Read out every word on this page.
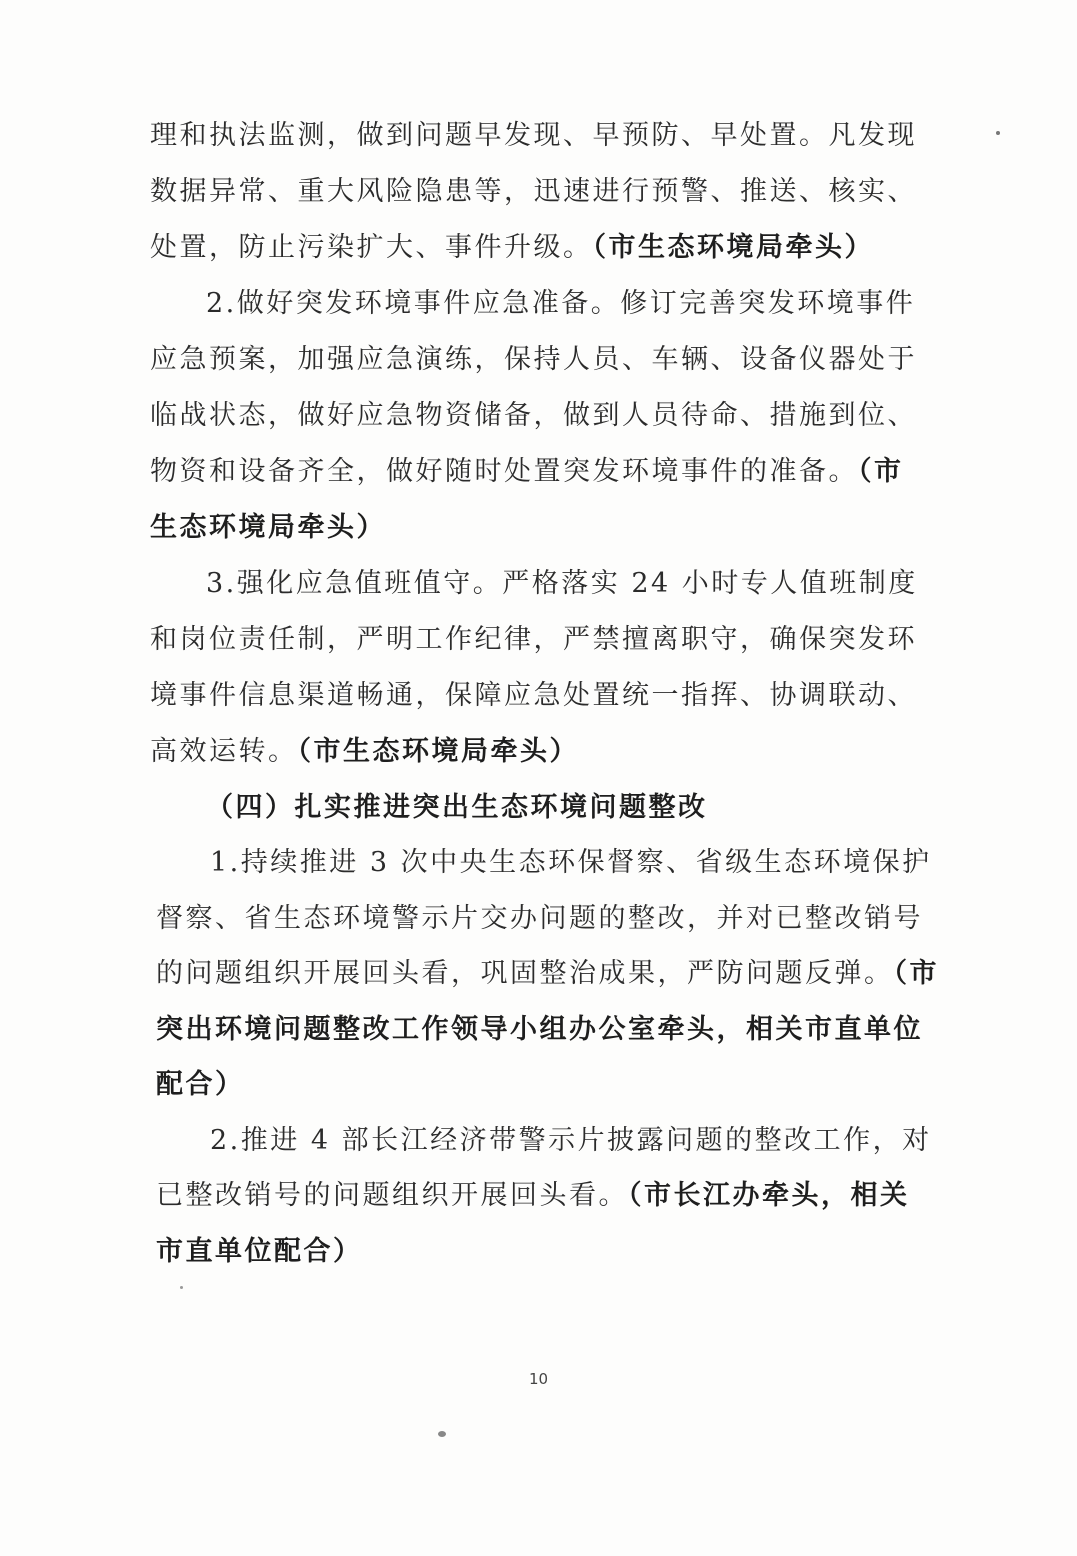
理和执法监测，做到问题早发现、早预防、早处置。凡发现
数据异常、重大风险隐患等，迅速进行预警、推送、核实、
处置，防止污染扩大、事件升级。（市生态环境局牵头）
2.做好突发环境事件应急准备。修订完善突发环境事件
应急预案，加强应急演练，保持人员、车辆、设备仪器处于
临战状态，做好应急物资储备，做到人员待命、措施到位、
物资和设备齐全，做好随时处置突发环境事件的准备。（市
生态环境局牵头）
3.强化应急值班值守。严格落实 24 小时专人值班制度
和岗位责任制，严明工作纪律，严禁擅离职守，确保突发环
境事件信息渠道畅通，保障应急处置统一指挥、协调联动、
高效运转。（市生态环境局牵头）
（四）扎实推进突出生态环境问题整改
1.持续推进 3 次中央生态环保督察、省级生态环境保护
督察、省生态环境警示片交办问题的整改，并对已整改销号
的问题组织开展回头看，巩固整治成果，严防问题反弹。（市
突出环境问题整改工作领导小组办公室牵头，相关市直单位
配合）
2.推进 4 部长江经济带警示片披露问题的整改工作，对
已整改销号的问题组织开展回头看。（市长江办牵头，相关
市直单位配合）
10
